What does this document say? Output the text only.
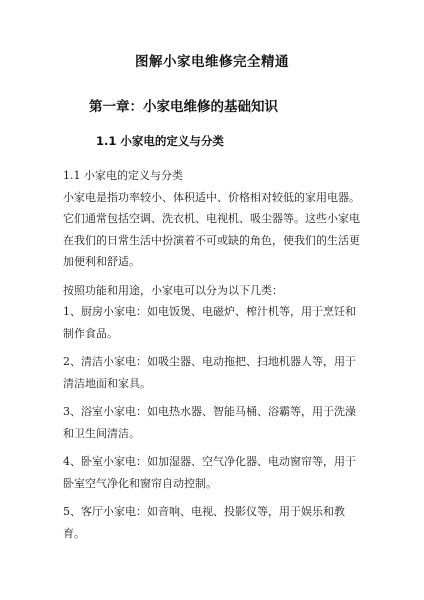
图解小家电维修完全精通
第一章：小家电维修的基础知识
1.1 小家电的定义与分类

1.1 小家电的定义与分类

小家电是指功率较小、体积适中、价格相对较低的家用电器。它们通常包括空调、洗衣机、电视机、吸尘器等。这些小家电在我们的日常生活中扮演着不可或缺的角色，使我们的生活更加便利和舒适。

按照功能和用途，小家电可以分为以下几类：

1、厨房小家电：如电饭煲、电磁炉、榨汁机等，用于烹饪和制作食品。

2、清洁小家电：如吸尘器、电动拖把、扫地机器人等，用于清洁地面和家具。

3、浴室小家电：如电热水器、智能马桶、浴霸等，用于洗澡和卫生间清洁。

4、卧室小家电：如加湿器、空气净化器、电动窗帘等，用于卧室空气净化和窗帘自动控制。

5、客厅小家电：如音响、电视、投影仪等，用于娱乐和教育。
